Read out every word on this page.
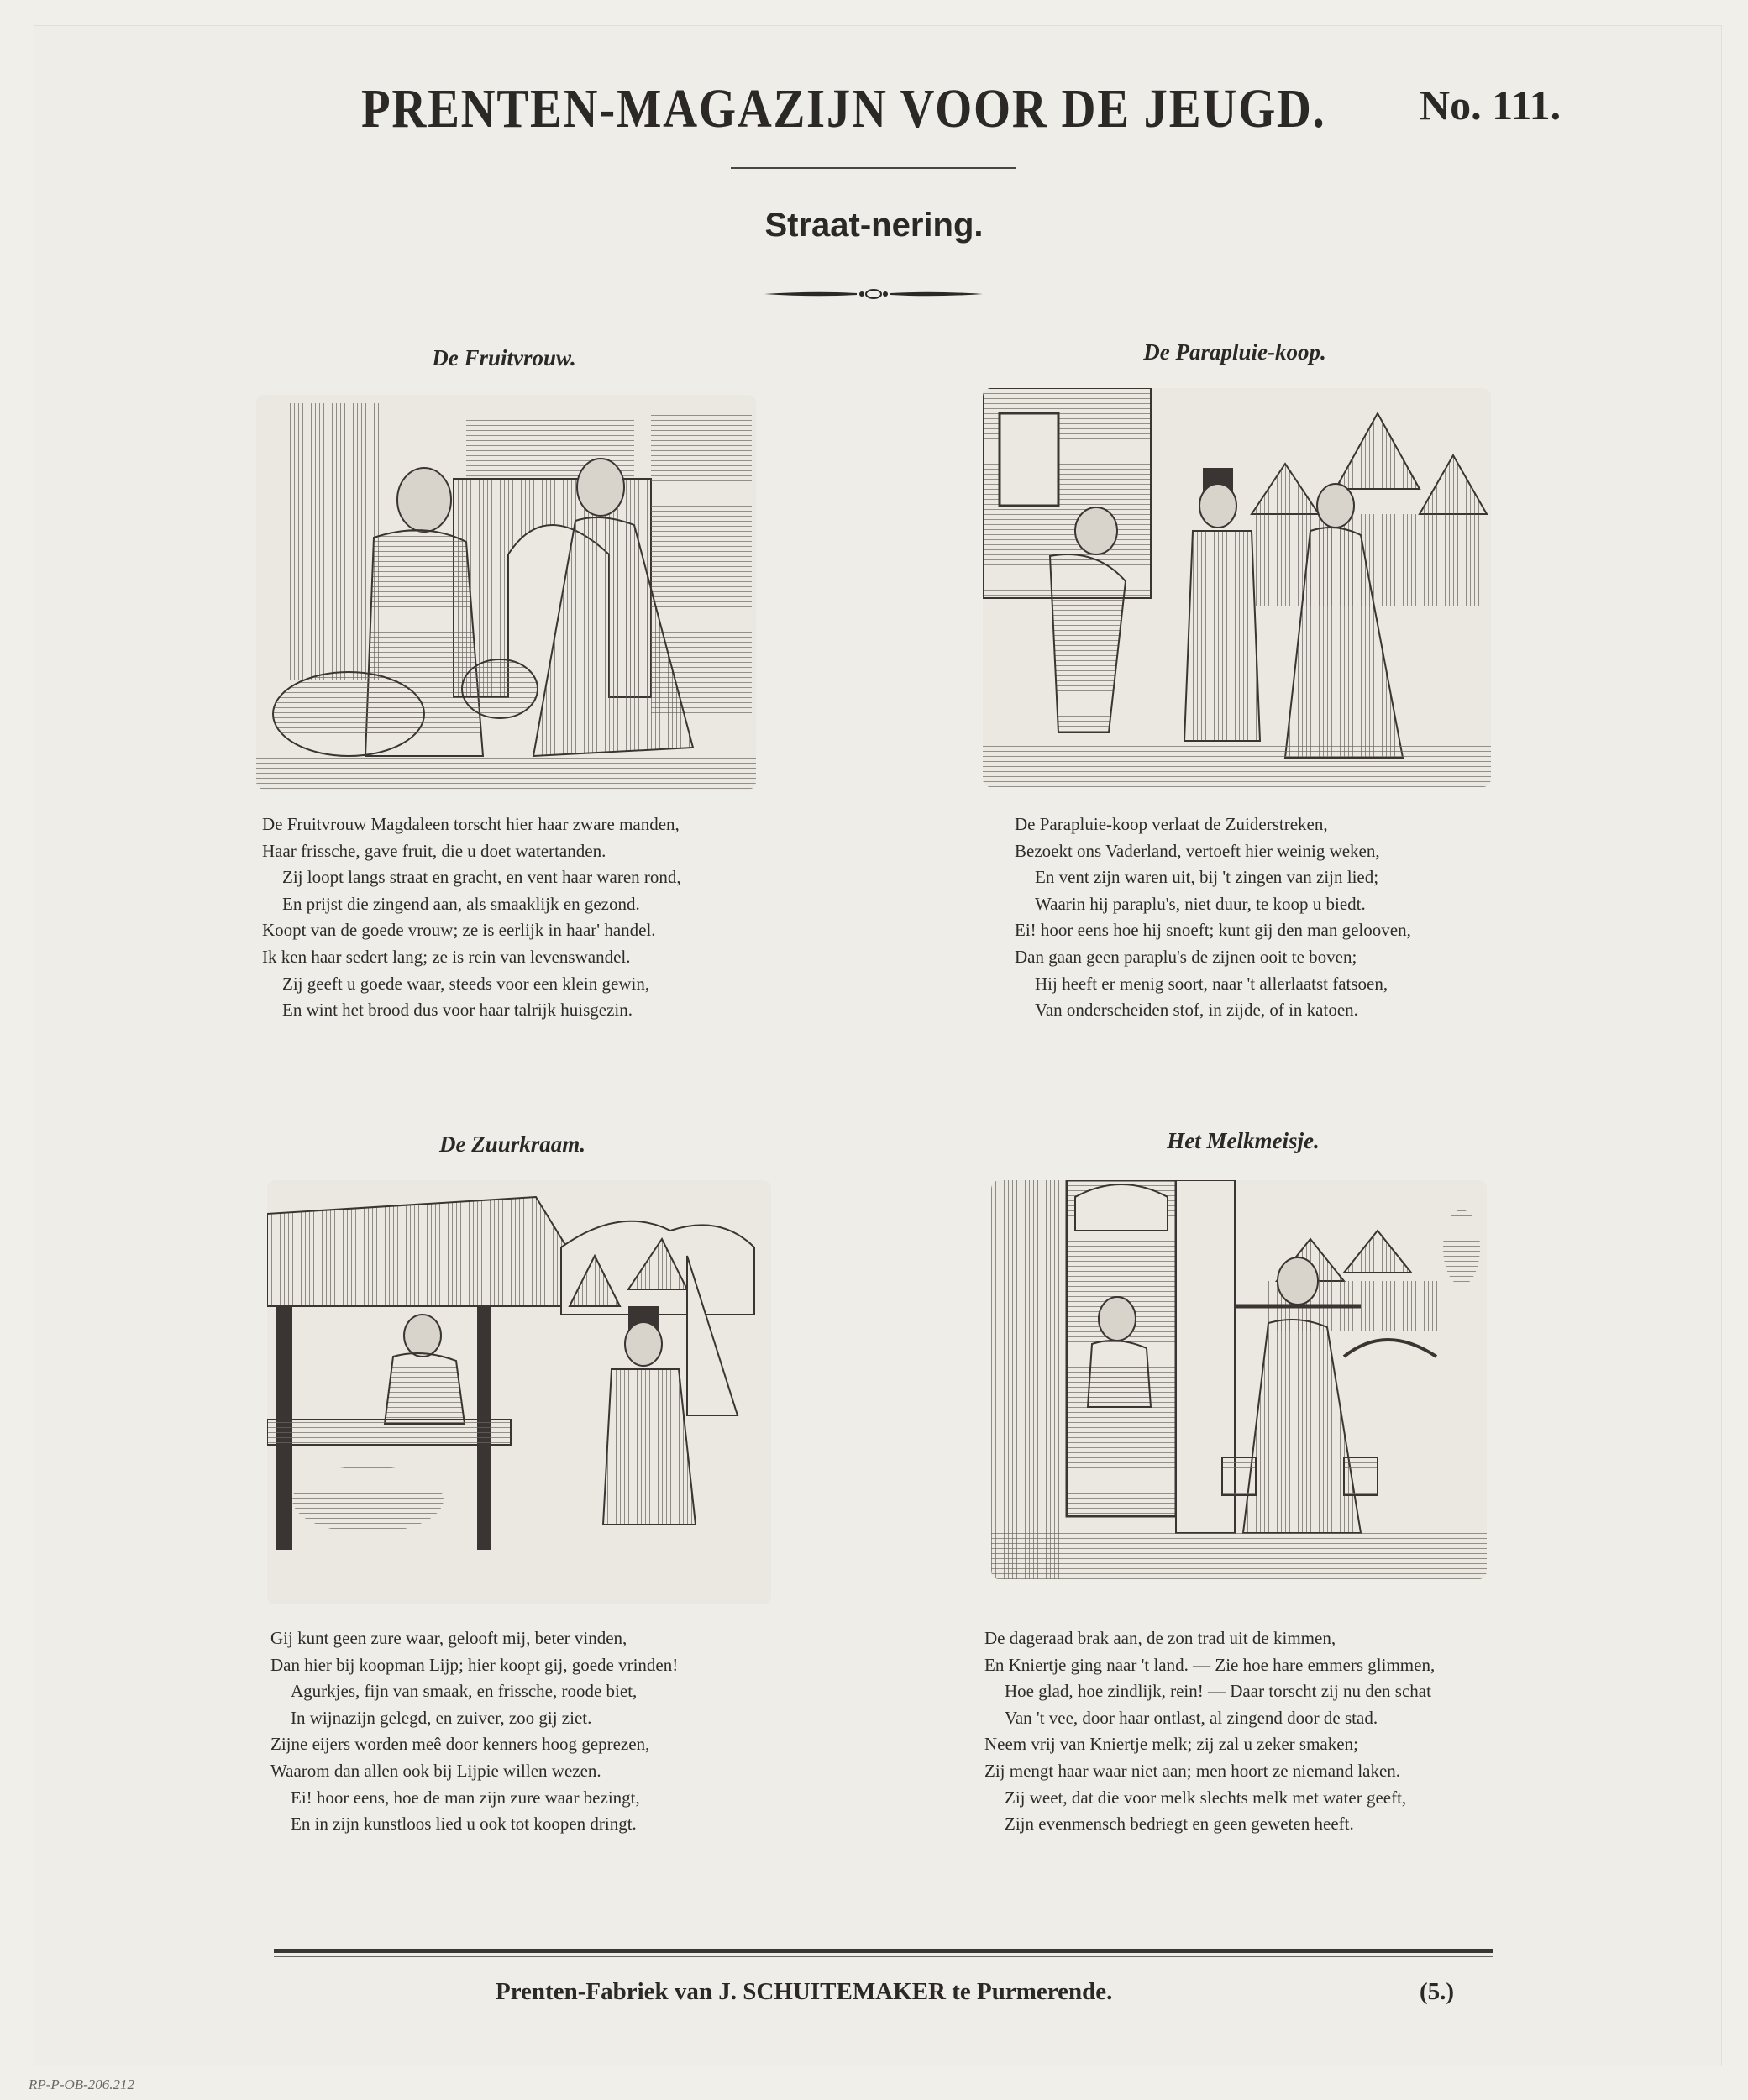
PRENTEN-MAGAZIJN VOOR DE JEUGD. No. 111.
Straat-nering.
De Fruitvrouw.
De Fruitvrouw Magdaleen torscht hier haar zware manden,
Haar frissche, gave fruit, die u doet watertanden.
Zij loopt langs straat en gracht, en vent haar waren rond,
En prijst die zingend aan, als smaaklijk en gezond.
Koopt van de goede vrouw; ze is eerlijk in haar' handel.
Ik ken haar sedert lang; ze is rein van levenswandel.
Zij geeft u goede waar, steeds voor een klein gewin,
En wint het brood dus voor haar talrijk huisgezin.
De Parapluie-koop.
De Parapluie-koop verlaat de Zuiderstreken,
Bezoekt ons Vaderland, vertoeft hier weinig weken,
En vent zijn waren uit, bij 't zingen van zijn lied;
Waarin hij paraplu's, niet duur, te koop u biedt.
Ei! hoor eens hoe hij snoeft; kunt gij den man gelooven,
Dan gaan geen paraplu's de zijnen ooit te boven;
Hij heeft er menig soort, naar 't allerlaatst fatsoen,
Van onderscheiden stof, in zijde, of in katoen.
De Zuurkraam.
Gij kunt geen zure waar, gelooft mij, beter vinden,
Dan hier bij koopman Lijp; hier koopt gij, goede vrinden!
Agurkjes, fijn van smaak, en frissche, roode biet,
In wijnazijn gelegd, en zuiver, zoo gij ziet.
Zijne eijers worden meê door kenners hoog geprezen,
Waarom dan allen ook bij Lijpie willen wezen.
Ei! hoor eens, hoe de man zijn zure waar bezingt,
En in zijn kunstloos lied u ook tot koopen dringt.
Het Melkmeisje.
De dageraad brak aan, de zon trad uit de kimmen,
En Kniertje ging naar 't land. — Zie hoe hare emmers glimmen,
Hoe glad, hoe zindlijk, rein! — Daar torscht zij nu den schat
Van 't vee, door haar ontlast, al zingend door de stad.
Neem vrij van Kniertje melk; zij zal u zeker smaken;
Zij mengt haar waar niet aan; men hoort ze niemand laken.
Zij weet, dat die voor melk slechts melk met water geeft,
Zijn evenmensch bedriegt en geen geweten heeft.
Prenten-Fabriek van J. SCHUITEMAKER te Purmerende.	(5.)
RP-P-OB-206.212
